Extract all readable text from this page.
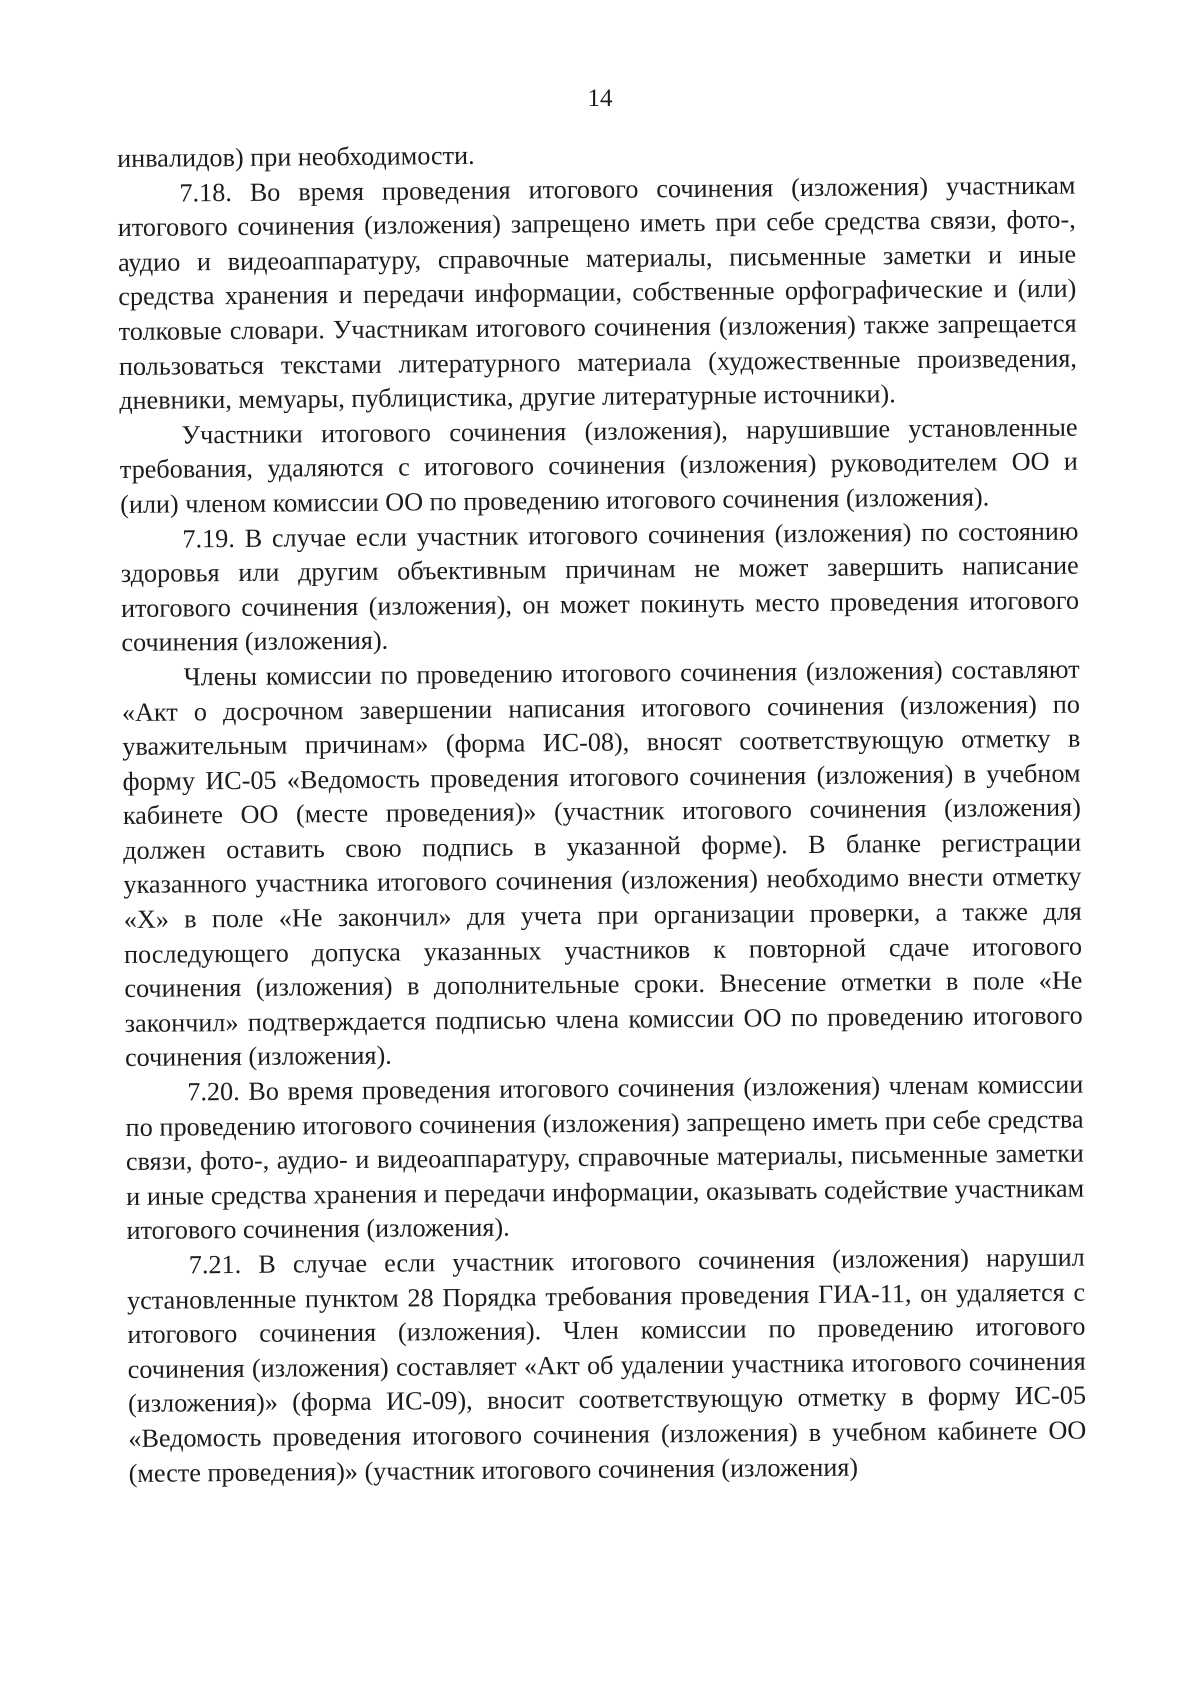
14

инвалидов) при необходимости.

7.18. Во время проведения итогового сочинения (изложения) участникам итогового сочинения (изложения) запрещено иметь при себе средства связи, фото-, аудио и видеоаппаратуру, справочные материалы, письменные заметки и иные средства хранения и передачи информации, собственные орфографические и (или) толковые словари. Участникам итогового сочинения (изложения) также запрещается пользоваться текстами литературного материала (художественные произведения, дневники, мемуары, публицистика, другие литературные источники).

Участники итогового сочинения (изложения), нарушившие установленные требования, удаляются с итогового сочинения (изложения) руководителем ОО и (или) членом комиссии ОО по проведению итогового сочинения (изложения).

7.19. В случае если участник итогового сочинения (изложения) по состоянию здоровья или другим объективным причинам не может завершить написание итогового сочинения (изложения), он может покинуть место проведения итогового сочинения (изложения).

Члены комиссии по проведению итогового сочинения (изложения) составляют «Акт о досрочном завершении написания итогового сочинения (изложения) по уважительным причинам» (форма ИС-08), вносят соответствующую отметку в форму ИС-05 «Ведомость проведения итогового сочинения (изложения) в учебном кабинете ОО (месте проведения)» (участник итогового сочинения (изложения) должен оставить свою подпись в указанной форме). В бланке регистрации указанного участника итогового сочинения (изложения) необходимо внести отметку «Х» в поле «Не закончил» для учета при организации проверки, а также для последующего допуска указанных участников к повторной сдаче итогового сочинения (изложения) в дополнительные сроки. Внесение отметки в поле «Не закончил» подтверждается подписью члена комиссии ОО по проведению итогового сочинения (изложения).

7.20. Во время проведения итогового сочинения (изложения) членам комиссии по проведению итогового сочинения (изложения) запрещено иметь при себе средства связи, фото-, аудио- и видеоаппаратуру, справочные материалы, письменные заметки и иные средства хранения и передачи информации, оказывать содействие участникам итогового сочинения (изложения).

7.21. В случае если участник итогового сочинения (изложения) нарушил установленные пунктом 28 Порядка требования проведения ГИА-11, он удаляется с итогового сочинения (изложения). Член комиссии по проведению итогового сочинения (изложения) составляет «Акт об удалении участника итогового сочинения (изложения)» (форма ИС-09), вносит соответствующую отметку в форму ИС-05 «Ведомость проведения итогового сочинения (изложения) в учебном кабинете ОО (месте проведения)» (участник итогового сочинения (изложения)
